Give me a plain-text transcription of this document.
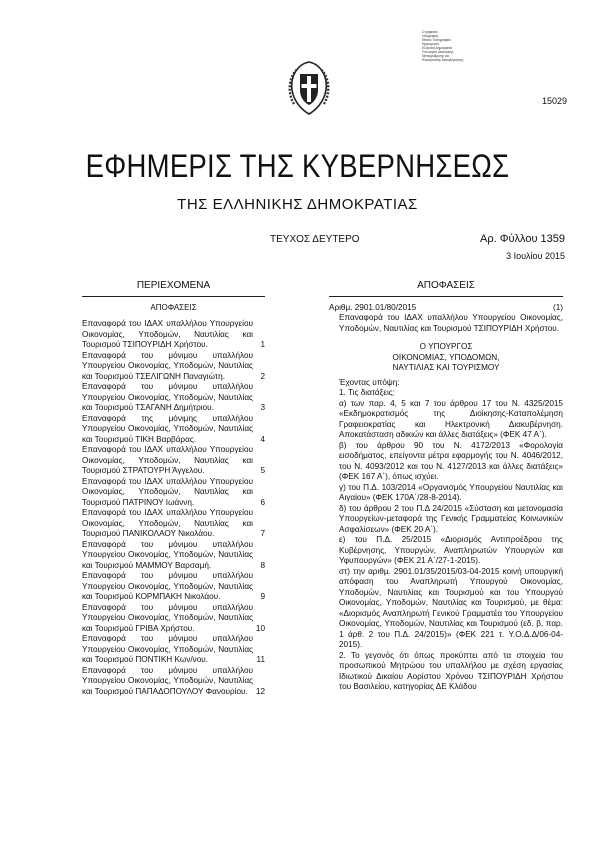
Ο ψηφιακά
υπογραφής
Εθνικό Τυπογραφείο
Ημερομηνία
Ελληνική Δημοκρατία
Υπουργείο Διοικητικής
Μεταρρύθμισης και
Ηλεκτρονικής Διακυβέρνησης
15029
ΕΦΗΜΕΡΙΣ ΤΗΣ ΚΥΒΕΡΝΗΣΕΩΣ
ΤΗΣ ΕΛΛΗΝΙΚΗΣ ΔΗΜΟΚΡΑΤΙΑΣ
ΤΕΥΧΟΣ ΔΕΥΤΕΡΟ	Αρ. Φύλλου 1359
3 Ιουλίου 2015
ΠΕΡΙΕΧΟΜΕΝΑ
ΑΠΟΦΑΣΕΙΣ
Επαναφορά του ΙΔΑΧ υπαλλήλου Υπουργείου Οικονομίας, Υποδομών, Ναυτιλίας και Τουρισμού ΤΣΙΠΟΥΡΙΔΗ Χρήστου.	1
Επαναφορά του μόνιμου υπαλλήλου Υπουργείου Οικονομίας, Υποδομών, Ναυτιλίας και Τουρισμού ΤΣΕΛΙΓΩΝΗ Παναγιώτη.	2
Επαναφορά του μόνιμου υπαλλήλου Υπουργείου Οικονομίας, Υποδομών, Ναυτιλίας και Τουρισμού ΤΣΑΓΑΝΗ Δημήτριου.	3
Επαναφορά της μόνιμης υπαλλήλου Υπουργείου Οικονομίας, Υποδομών, Ναυτιλίας και Τουρισμού ΤΙΚΗ Βαρβάρας.	4
Επαναφορά του ΙΔΑΧ υπαλλήλου Υπουργείου Οικονομίας, Υποδομών, Ναυτιλίας και Τουρισμού ΣΤΡΑΤΟΥΡΗ Άγγελου.	5
Επαναφορά του ΙΔΑΧ υπαλλήλου Υπουργείου Οικονομίας, Υποδομών, Ναυτιλίας και Τουρισμού ΠΑΤΡΙΝΟΥ Ιωάννη.	6
Επαναφορά του ΙΔΑΧ υπαλλήλου Υπουργείου Οικονομίας, Υποδομών, Ναυτιλίας και Τουρισμού ΠΑΝΙΚΟΛΑΟΥ Νικολάου.	7
Επαναφορά του μόνιμου υπαλλήλου Υπουργείου Οικονομίας, Υποδομών, Ναυτιλίας και Τουρισμού ΜΑΜΜΟΥ Βαρσαμή.	8
Επαναφορά του μόνιμου υπαλλήλου Υπουργείου Οικονομίας, Υποδομών, Ναυτιλίας και Τουρισμού ΚΟΡΜΠΑΚΗ Νικολάου.	9
Επαναφορά του μόνιμου υπαλλήλου Υπουργείου Οικονομίας, Υποδομών, Ναυτιλίας και Τουρισμού ΓΡΙΒΑ Χρήστου.	10
Επαναφορά του μόνιμου υπαλλήλου Υπουργείου Οικονομίας, Υποδομών, Ναυτιλίας και Τουρισμού ΠΟΝΤΙΚΗ Κων/νου.	11
Επαναφορά του μόνιμου υπαλλήλου Υπουργείου Οικονομίας, Υποδομών, Ναυτιλίας και Τουρισμού ΠΑΠΑΔΟΠΟΥΛΟΥ Φανουρίου. 12
ΑΠΟΦΑΣΕΙΣ
Αριθμ. 2901.01/80/2015	(1)

Επαναφορά του ΙΔΑΧ υπαλλήλου Υπουργείου Οικονομίας, Υποδομών, Ναυτιλίας και Τουρισμού ΤΣΙΠΟΥΡΙΔΗ Χρήστου.

Ο ΥΠΟΥΡΓΟΣ
ΟΙΚΟΝΟΜΙΑΣ, ΥΠΟΔΟΜΩΝ,
ΝΑΥΤΙΛΙΑΣ ΚΑΙ ΤΟΥΡΙΣΜΟΥ

Έχοντας υπόψη:

1. Τις διατάξεις:

α) των παρ. 4, 5 και 7 του άρθρου 17 του Ν. 4325/2015 «Εκδημοκρατισμός της Διοίκησης-Καταπολέμηση Γραφειοκρατίας και Ηλεκτρονική Διακυβέρνηση. Αποκατάσταση αδικιών και άλλες διατάξεις» (ΦΕΚ 47 Α΄).

β) του άρθρου 90 του Ν. 4172/2013 «Φορολογία εισοδήματος, επείγοντα μέτρα εφαρμογής του Ν. 4046/2012, του Ν. 4093/2012 και του Ν. 4127/2013 και άλλες διατάξεις» (ΦΕΚ 167 Α΄), όπως ισχύει.

γ) του Π.Δ. 103/2014 «Οργανισμός Υπουργείου Ναυτιλίας και Αιγαίου» (ΦΕΚ 170Α΄/28-8-2014).

δ) του άρθρου 2 του Π.Δ 24/2015 «Σύσταση και μετονομασία Υπουργείων-μεταφορά της Γενικής Γραμματείας Κοινωνικών Ασφαλίσεων» (ΦΕΚ 20 Α΄).

ε) του Π.Δ. 25/2015 «Διορισμός Αντιπροέδρου της Κυβέρνησης, Υπουργών, Αναπληρωτών Υπουργών και Υφυπουργών» (ΦΕΚ 21 Α΄/27-1-2015).

στ) την αριθμ. 2901.01/35/2015/03-04-2015 κοινή υπουργική απόφαση του Αναπληρωτή Υπουργού Οικονομίας, Υποδομών, Ναυτιλίας και Τουρισμού και του Υπουργού Οικονομίας, Υποδομών, Ναυτιλίας και Τουρισμού, με θέμα: «Διορισμός Αναπληρωτή Γενικού Γραμματέα του Υπουργείου Οικονομίας, Υποδομών, Ναυτιλίας και Τουρισμού (εδ. β, παρ. 1 άρθ. 2 του Π.Δ. 24/2015)» (ΦΕΚ 221 τ. Υ.Ο.Δ.Δ/06-04-2015).

2. Το γεγονός ότι όπως προκύπτει από τα στοιχεία του προσωπικού Μητρώου του υπαλλήλου με σχέση εργασίας Ιδιωτικού Δικαίου Αορίστου Χρόνου ΤΣΙΠΟΥΡΙΔΗ Χρήστου του Βασιλείου, κατηγορίας ΔΕ Κλάδου
